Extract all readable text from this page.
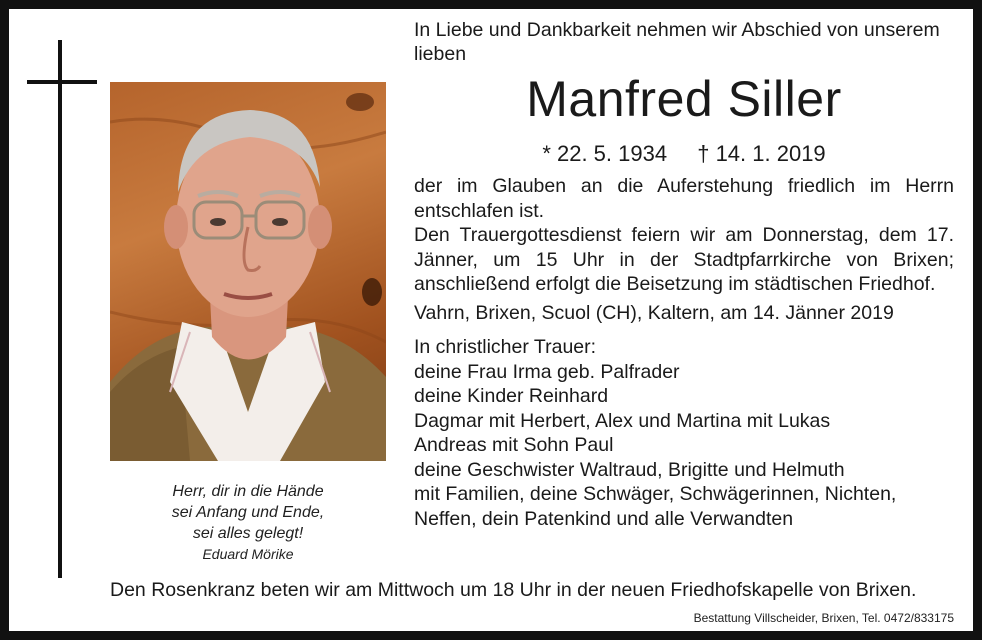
Herr, dir in die Hände
sei Anfang und Ende,
sei alles gelegt!
Eduard Mörike
In Liebe und Dankbarkeit nehmen wir Abschied von unserem lieben
Manfred Siller
* 22. 5. 1934 † 14. 1. 2019

der im Glauben an die Auferstehung friedlich im Herrn entschlafen ist.

Den Trauergottesdienst feiern wir am Donnerstag, dem 17. Jänner, um 15 Uhr in der Stadtpfarrkirche von Brixen; anschließend erfolgt die Beisetzung im städtischen Friedhof.

Vahrn, Brixen, Scuol (CH), Kaltern, am 14. Jänner 2019

In christlicher Trauer:
deine Frau Irma geb. Palfrader
deine Kinder Reinhard
Dagmar mit Herbert, Alex und Martina mit Lukas
Andreas mit Sohn Paul
deine Geschwister Waltraud, Brigitte und Helmuth
mit Familien, deine Schwäger, Schwägerinnen, Nichten,
Neffen, dein Patenkind und alle Verwandten
Den Rosenkranz beten wir am Mittwoch um 18 Uhr in der neuen Friedhofskapelle von Brixen.
Bestattung Villscheider, Brixen, Tel. 0472/833175
